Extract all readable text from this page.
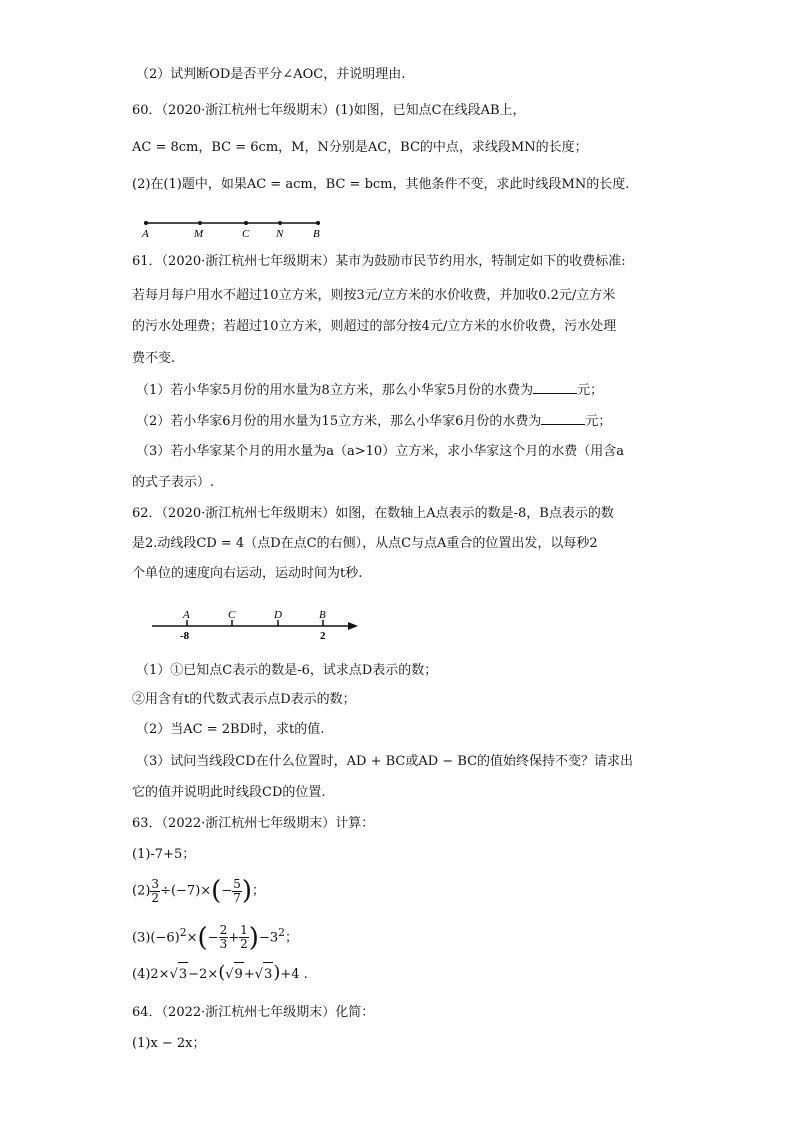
（2）试判断OD是否平分∠AOC，并说明理由.
60．（2020·浙江杭州七年级期末）(1)如图，已知点C在线段AB上，
AC = 8cm，BC = 6cm，M，N分别是AC，BC的中点，求线段MN的长度；
(2)在(1)题中，如果AC = acm，BC = bcm，其他条件不变，求此时线段MN的长度.
A	M	C N	B
61．（2020·浙江杭州七年级期末）某市为鼓励市民节约用水，特制定如下的收费标准:
若每月每户用水不超过10立方米，则按3元/立方米的水价收费，并加收0.2元/立方米
的污水处理费；若超过10立方米，则超过的部分按4元/立方米的水价收费，污水处理
费不变.
（1）若小华家5月份的用水量为8立方米，那么小华家5月份的水费为	元；
（2）若小华家6月份的用水量为15立方米，那么小华家6月份的水费为	元；
（3）若小华家某个月的用水量为a（a>10）立方米，求小华家这个月的水费（用含a
的式子表示）.
62．（2020·浙江杭州七年级期末）如图，在数轴上A点表示的数是-8，B点表示的数
是2.动线段CD = 4（点D在点C的右侧），从点C与点A重合的位置出发，以每秒2
个单位的速度向右运动，运动时间为t秒.
A	C	D	B
-8	2
（1）①已知点C表示的数是-6，试求点D表示的数；
②用含有t的代数式表示点D表示的数；
（2）当AC = 2BD时，求t的值.
（3）试问当线段CD在什么位置时，AD + BC或AD − BC的值始终保持不变？请求出
它的值并说明此时线段CD的位置.
63．（2022·浙江杭州七年级期末）计算：
(1)-7+5；
$(2) \frac{3}{2} \div(-7)\times(- \frac{5}{7}$ )；
$(3)(-6)^2\times(- \frac{2}{3} + \frac{1}{2} )-3^2$；
(4)2×√3−2×(√9+√3)+4 .
64．（2022·浙江杭州七年级期末）化简：
(1)x − 2x；
